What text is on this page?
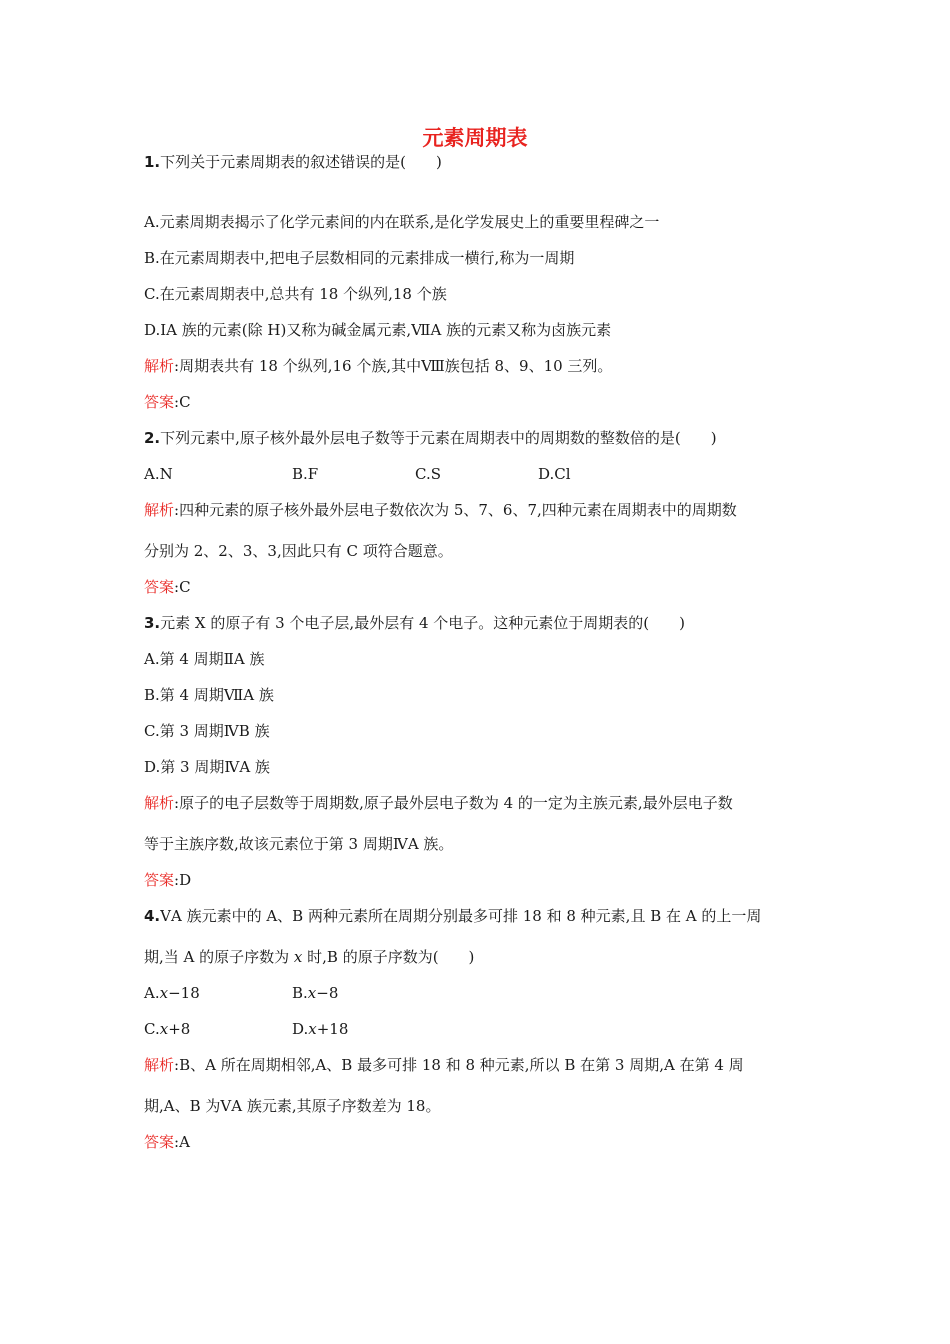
元素周期表
1.下列关于元素周期表的叙述错误的是(　　)
A.元素周期表揭示了化学元素间的内在联系,是化学发展史上的重要里程碑之一
B.在元素周期表中,把电子层数相同的元素排成一横行,称为一周期
C.在元素周期表中,总共有 18 个纵列,18 个族
D.ⅠA 族的元素(除 H)又称为碱金属元素,ⅦA 族的元素又称为卤族元素
解析:周期表共有 18 个纵列,16 个族,其中Ⅷ族包括 8、9、10 三列。
答案:C
2.下列元素中,原子核外最外层电子数等于元素在周期表中的周期数的整数倍的是(　　)
A.N	B.F	C.S	D.Cl
解析:四种元素的原子核外最外层电子数依次为 5、7、6、7,四种元素在周期表中的周期数
分别为 2、2、3、3,因此只有 C 项符合题意。
答案:C
3.元素 X 的原子有 3 个电子层,最外层有 4 个电子。这种元素位于周期表的(　　)
A.第 4 周期ⅡA 族
B.第 4 周期ⅦA 族
C.第 3 周期ⅣB 族
D.第 3 周期ⅣA 族
解析:原子的电子层数等于周期数,原子最外层电子数为 4 的一定为主族元素,最外层电子数
等于主族序数,故该元素位于第 3 周期ⅣA 族。
答案:D
4.ⅤA 族元素中的 A、B 两种元素所在周期分别最多可排 18 和 8 种元素,且 B 在 A 的上一周
期,当 A 的原子序数为 x 时,B 的原子序数为(　　)
A.x−18	B.x−8
C.x+8	D.x+18
解析:B、A 所在周期相邻,A、B 最多可排 18 和 8 种元素,所以 B 在第 3 周期,A 在第 4 周
期,A、B 为ⅤA 族元素,其原子序数差为 18。
答案:A
